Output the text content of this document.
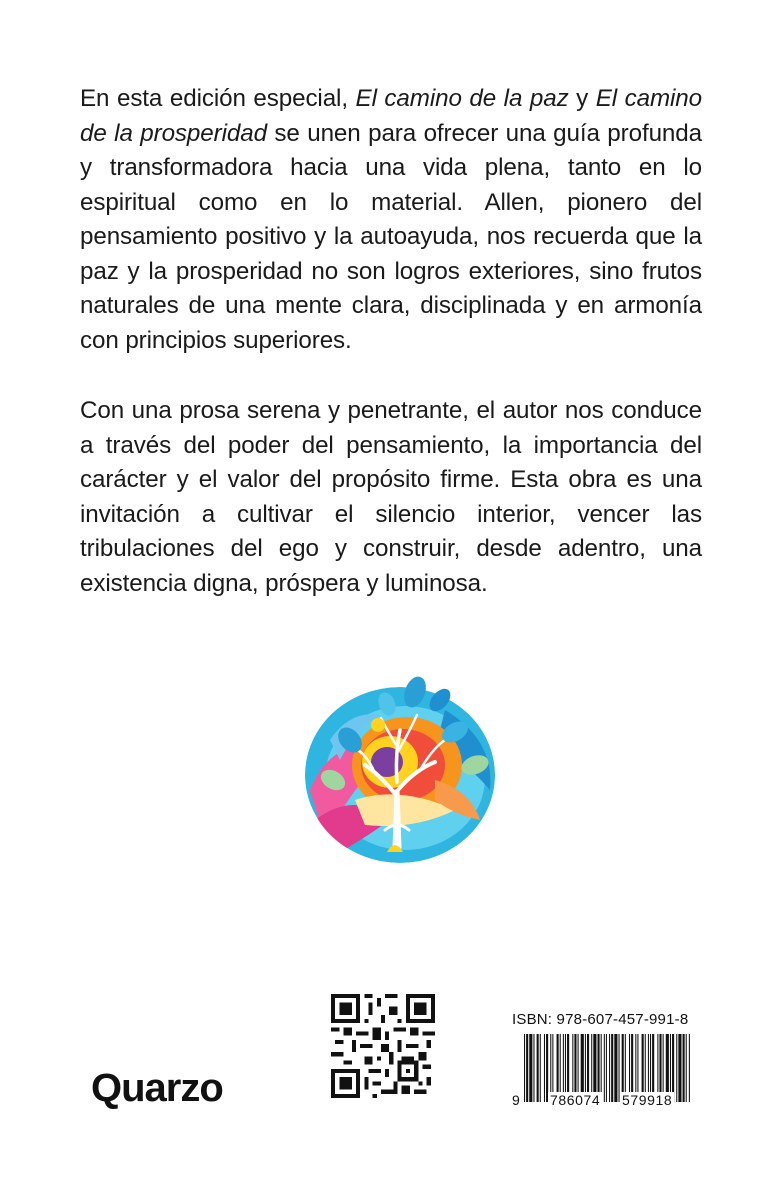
En esta edición especial, El camino de la paz y El camino de la prosperidad se unen para ofrecer una guía profunda y transformadora hacia una vida plena, tanto en lo espiritual como en lo material. Allen, pionero del pensamiento positivo y la autoayuda, nos recuerda que la paz y la prosperidad no son logros exteriores, sino frutos naturales de una mente clara, disciplinada y en armonía con principios superiores.

Con una prosa serena y penetrante, el autor nos conduce a través del poder del pensamiento, la importancia del carácter y el valor del propósito firme. Esta obra es una invitación a cultivar el silencio interior, vencer las tribulaciones del ego y construir, desde adentro, una existencia digna, próspera y luminosa.

Quarzo
ISBN: 978-607-457-991-8
9 786074 579918
